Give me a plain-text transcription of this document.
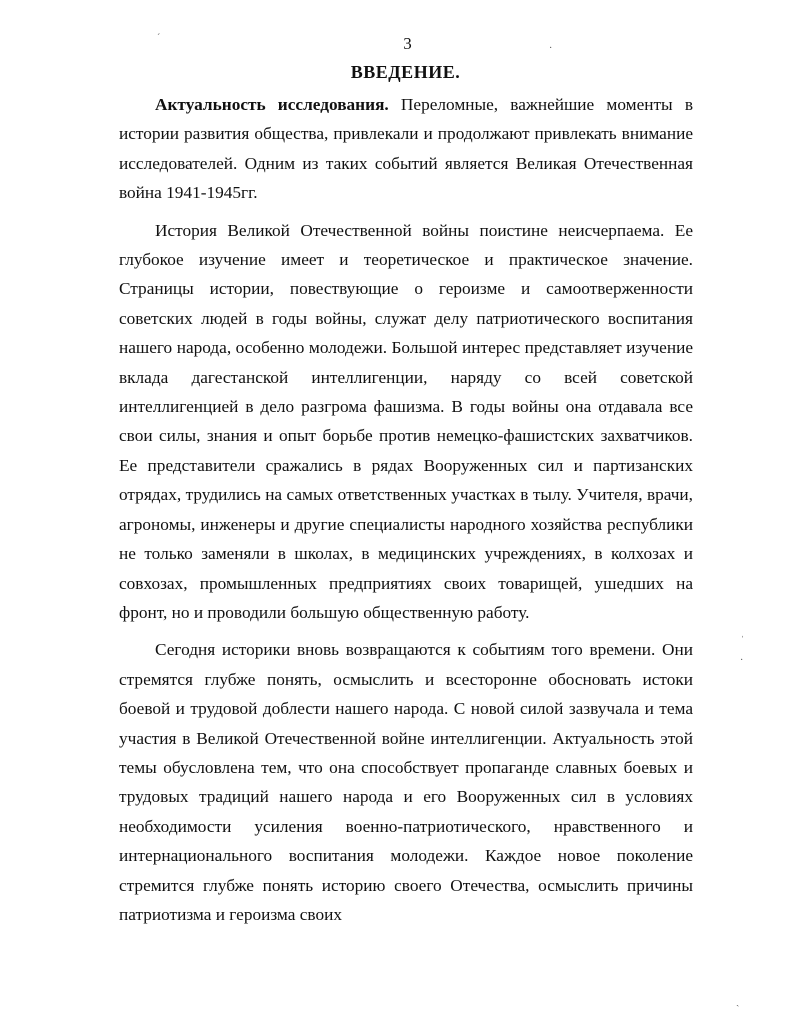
ˊ
·
ˈ
·
ˏ
3
ВВЕДЕНИЕ.

Актуальность исследования. Переломные, важнейшие моменты в истории развития общества, привлекали и продолжают привлекать внимание исследователей. Одним из таких событий является Великая Отечественная война 1941-1945гг.

История Великой Отечественной войны поистине неисчерпаема. Ее глубокое изучение имеет и теоретическое и практическое значение. Страницы истории, повествующие о героизме и самоотверженности советских людей в годы войны, служат делу патриотического воспитания нашего народа, особенно молодежи. Большой интерес представляет изучение вклада дагестанской интеллигенции, наряду со всей советской интеллигенцией в дело разгрома фашизма. В годы войны она отдавала все свои силы, знания и опыт борьбе против немецко-фашистских захватчиков. Ее представители сражались в рядах Вооруженных сил и партизанских отрядах, трудились на самых ответственных участках в тылу. Учителя, врачи, агрономы, инженеры и другие специалисты народного хозяйства республики не только заменяли в школах, в медицинских учреждениях, в колхозах и совхозах, промышленных предприятиях своих товарищей, ушедших на фронт, но и проводили большую общественную работу.

Сегодня историки вновь возвращаются к событиям того времени. Они стремятся глубже понять, осмыслить и всесторонне обосновать истоки боевой и трудовой доблести нашего народа. С новой силой зазвучала и тема участия в Великой Отечественной войне интеллигенции. Актуальность этой темы обусловлена тем, что она способствует пропаганде славных боевых и трудовых традиций нашего народа и его Вооруженных сил в условиях необходимости усиления военно-патриотического, нравственного и интернационального воспитания молодежи. Каждое новое поколение стремится глубже понять историю своего Отечества, осмыслить причины патриотизма и героизма своих
